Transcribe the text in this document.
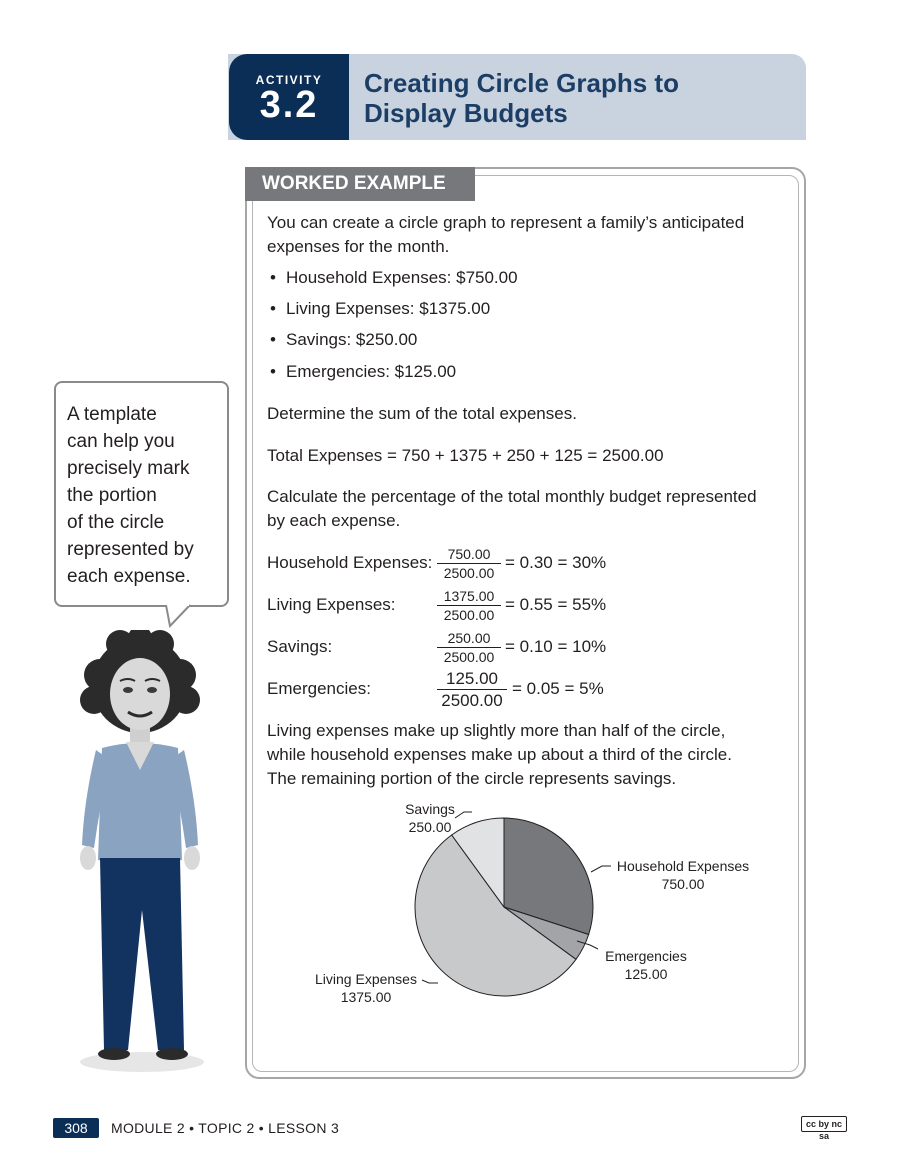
ACTIVITY
3.2
Creating Circle Graphs to
Display Budgets
WORKED EXAMPLE
You can create a circle graph to represent a family’s anticipated
expenses for the month.
• Household Expenses: $750.00
• Living Expenses: $1375.00
• Savings: $250.00
• Emergencies: $125.00
Determine the sum of the total expenses.
Total Expenses = 750 + 1375 + 250 + 125 = 2500.00
Calculate the percentage of the total monthly budget represented
by each expense.
Household Expenses: $\frac{750.00}{2500.00} = 0.30 = 30\%$
Living Expenses:	$\frac{1375.00}{2500.00} = 0.55 = 55\%$
Savings:	$\frac{250.00}{2500.00} = 0.10 = 10\%$
Emergencies:	$\frac{125.00}{2500.00} = 0.05 = 5\%$
Living expenses make up slightly more than half of the circle,
while household expenses make up about a third of the circle.
The remaining portion of the circle represents savings.
Savings
250.00
Household Expenses
750.00
Emergencies
125.00
Living Expenses
1375.00
A template
can help you
precisely mark
the portion
of the circle
represented by
each expense.
308	MODULE 2 • TOPIC 2 • LESSON 3	cc by nc sa
